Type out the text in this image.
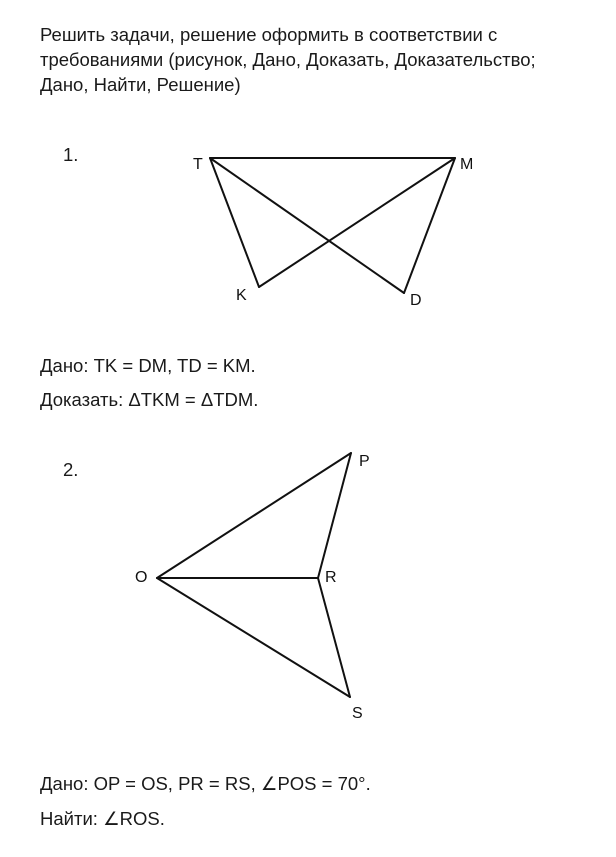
Решить задачи, решение оформить в соответствии с
требованиями (рисунок, Дано, Доказать, Доказательство;
Дано, Найти, Решение)
1.	T	M
K	D
P
O	R
S
Дано: TK = DM, TD = KM.
Доказать: ΔTKM = ΔTDM.
2.
Дано: OP = OS, PR = RS, ∠POS = 70°.
Найти: ∠ROS.
